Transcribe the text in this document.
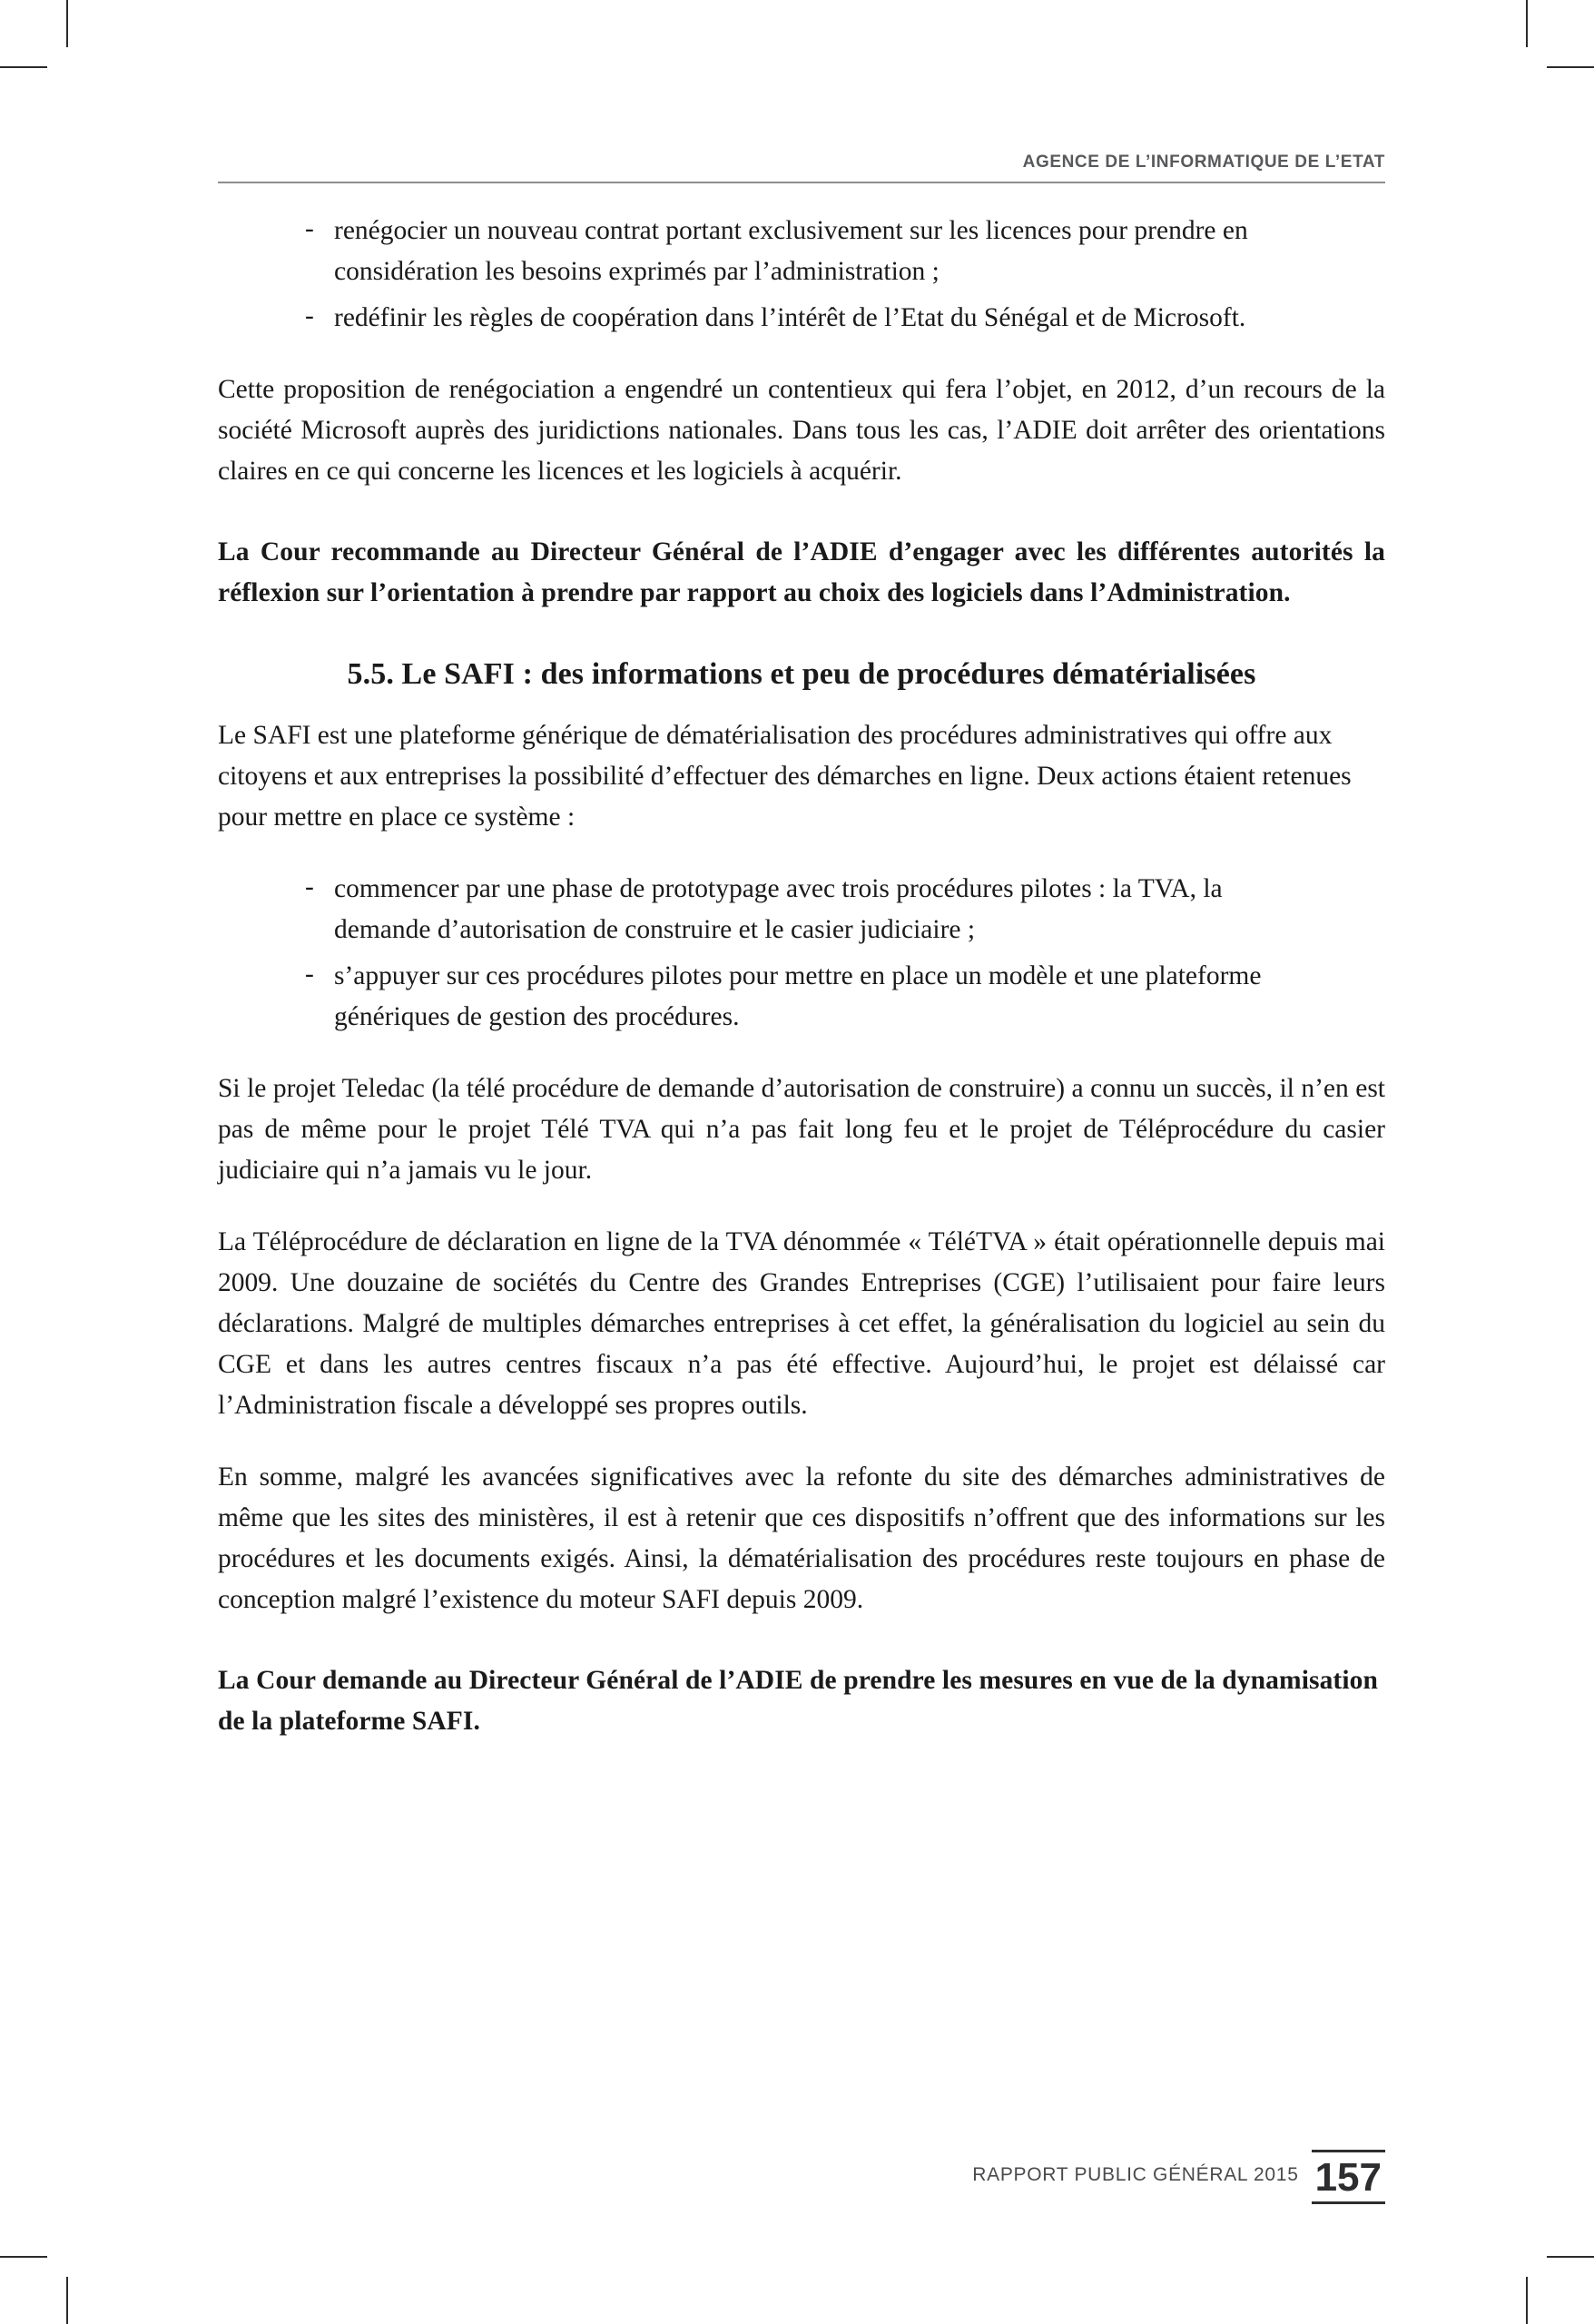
AGENCE DE L’INFORMATIQUE DE L’ETAT
- renégocier un nouveau contrat portant exclusivement sur les licences pour prendre en considération les besoins exprimés par l’administration ;
- redéfinir les règles de coopération dans l’intérêt de l’Etat du Sénégal et de Microsoft.

Cette proposition de renégociation a engendré un contentieux qui fera l’objet, en 2012, d’un recours de la société Microsoft auprès des juridictions nationales. Dans tous les cas, l’ADIE doit arrêter des orientations claires en ce qui concerne les licences et les logiciels à acquérir.

La Cour recommande au Directeur Général de l’ADIE d’engager avec les différentes autorités la réflexion sur l’orientation à prendre par rapport au choix des logiciels dans l’Administration.

5.5. Le SAFI : des informations et peu de procédures dématérialisées

Le SAFI est une plateforme générique de dématérialisation des procédures administratives qui offre aux citoyens et aux entreprises la possibilité d’effectuer des démarches en ligne. Deux actions étaient retenues pour mettre en place ce système :

- commencer par une phase de prototypage avec trois procédures pilotes : la TVA, la demande d’autorisation de construire et le casier judiciaire ;
- s’appuyer sur ces procédures pilotes pour mettre en place un modèle et une plateforme génériques de gestion des procédures.

Si le projet Teledac (la télé procédure de demande d’autorisation de construire) a connu un succès, il n’en est pas de même pour le projet Télé TVA qui n’a pas fait long feu et le projet de Téléprocédure du casier judiciaire qui n’a jamais vu le jour.

La Téléprocédure de déclaration en ligne de la TVA dénommée « TéléTVA » était opérationnelle depuis mai 2009. Une douzaine de sociétés du Centre des Grandes Entreprises (CGE) l’utilisaient pour faire leurs déclarations. Malgré de multiples démarches entreprises à cet effet, la généralisation du logiciel au sein du CGE et dans les autres centres fiscaux n’a pas été effective. Aujourd’hui, le projet est délaissé car l’Administration fiscale a développé ses propres outils.

En somme, malgré les avancées significatives avec la refonte du site des démarches administratives de même que les sites des ministères, il est à retenir que ces dispositifs n’offrent que des informations sur les procédures et les documents exigés. Ainsi, la dématérialisation des procédures reste toujours en phase de conception malgré l’existence du moteur SAFI depuis 2009.

La Cour demande au Directeur Général de l’ADIE de prendre les mesures en vue de la dynamisation de la plateforme SAFI.

RAPPORT PUBLIC GÉNÉRAL 2015 157
